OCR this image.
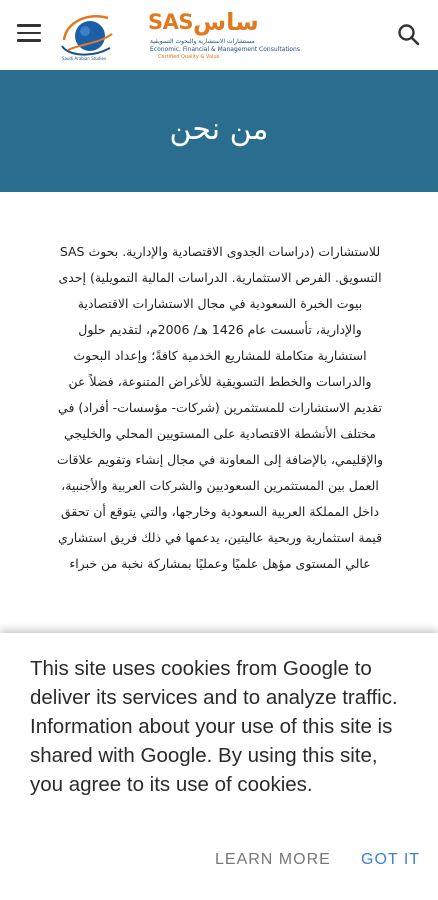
Saudi Arabian Studies
SAS ساس
مستشارات الاستشارية والبحوث التسويقية
Economic, Financial & Management Consultations
Certified Quality & Value
من نحن
للاستشارات (دراسات الجدوى الاقتصادية والإدارية. بحوث SAS
التسويق. الفرص الاستثمارية. الدراسات المالية التمويلية) إحدى
بيوت الخبرة السعودية في مجال الاستشارات الاقتصادية
والإدارية، تأسست عام 1426 هـ/ 2006م، لتقديم حلول
استشارية متكاملة للمشاريع الخدمية كافةً؛ وإعداد البحوث
والدراسات والخطط التسويقية للأغراض المتنوعة، فضلاً عن
تقديم الاستشارات للمستثمرين (شركات- مؤسسات- أفراد) في
مختلف الأنشطة الاقتصادية على المستويين المحلي والخليجي
والإقليمي، بالإضافة إلى المعاونة في مجال إنشاء وتقويم علاقات
العمل بين المستثمرين السعوديين والشركات العربية والأجنبية،
داخل المملكة العربية السعودية وخارجها، والتي يتوقع أن تحقق
قيمة استثمارية وربحية عاليتين، يدعمها في ذلك فريق استشاري
عالي المستوى مؤهل علميًا وعمليًا بمشاركة نخبة من خبراء
This site uses cookies from Google to deliver its services and to analyze traffic. Information about your use of this site is shared with Google. By using this site, you agree to its use of cookies.
LEARN MORE GOT IT
